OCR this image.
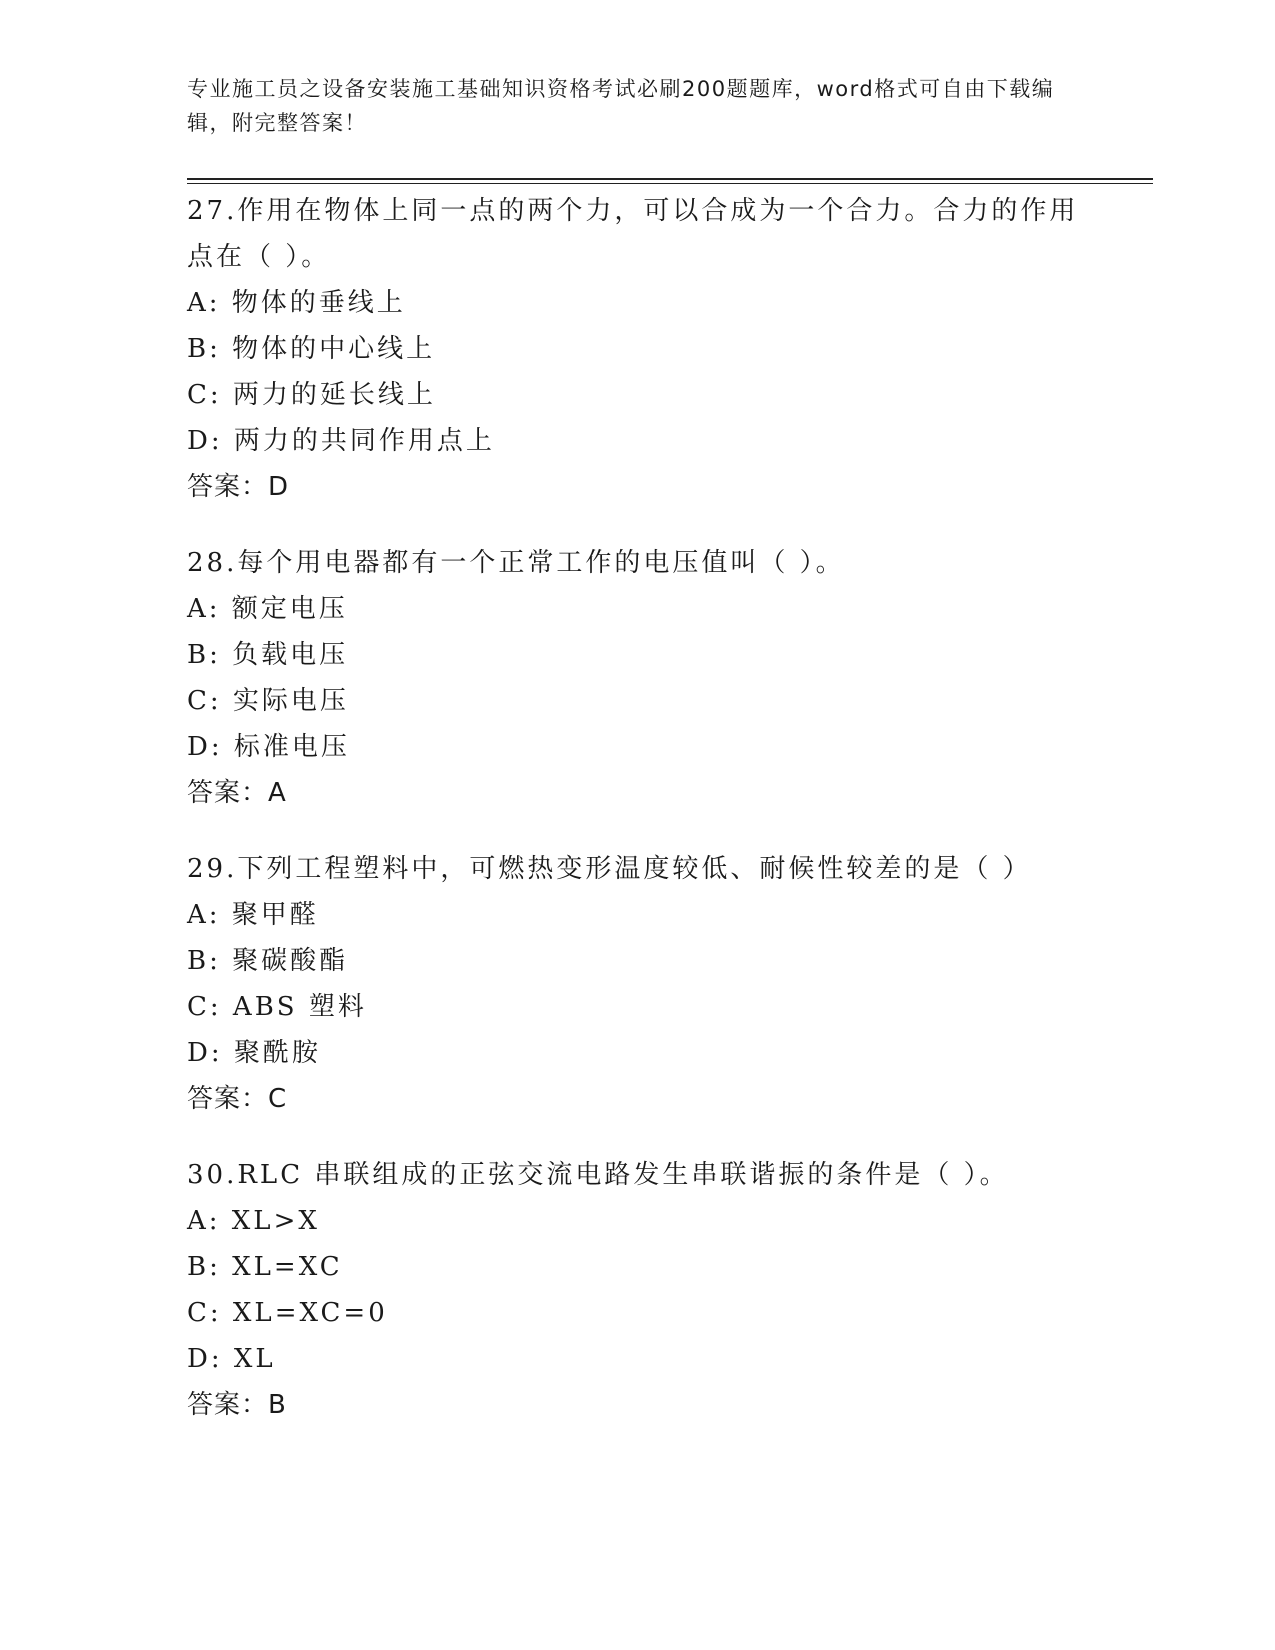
专业施工员之设备安装施工基础知识资格考试必刷200题题库，word格式可自由下载编辑，附完整答案！

27.作用在物体上同一点的两个力，可以合成为一个合力。合力的作用点在（ ）。

A: 物体的垂线上

B: 物体的中心线上

C: 两力的延长线上

D: 两力的共同作用点上

答案：D

28.每个用电器都有一个正常工作的电压值叫（ ）。

A: 额定电压

B: 负载电压

C: 实际电压

D: 标准电压

答案：A

29.下列工程塑料中，可燃热变形温度较低、耐候性较差的是（ ）

A: 聚甲醛

B: 聚碳酸酯

C: ABS 塑料

D: 聚酰胺

答案：C

30.RLC 串联组成的正弦交流电路发生串联谐振的条件是（ ）。

A: XL>X

B: XL=XC

C: XL=XC=0

D: XL

答案：B
